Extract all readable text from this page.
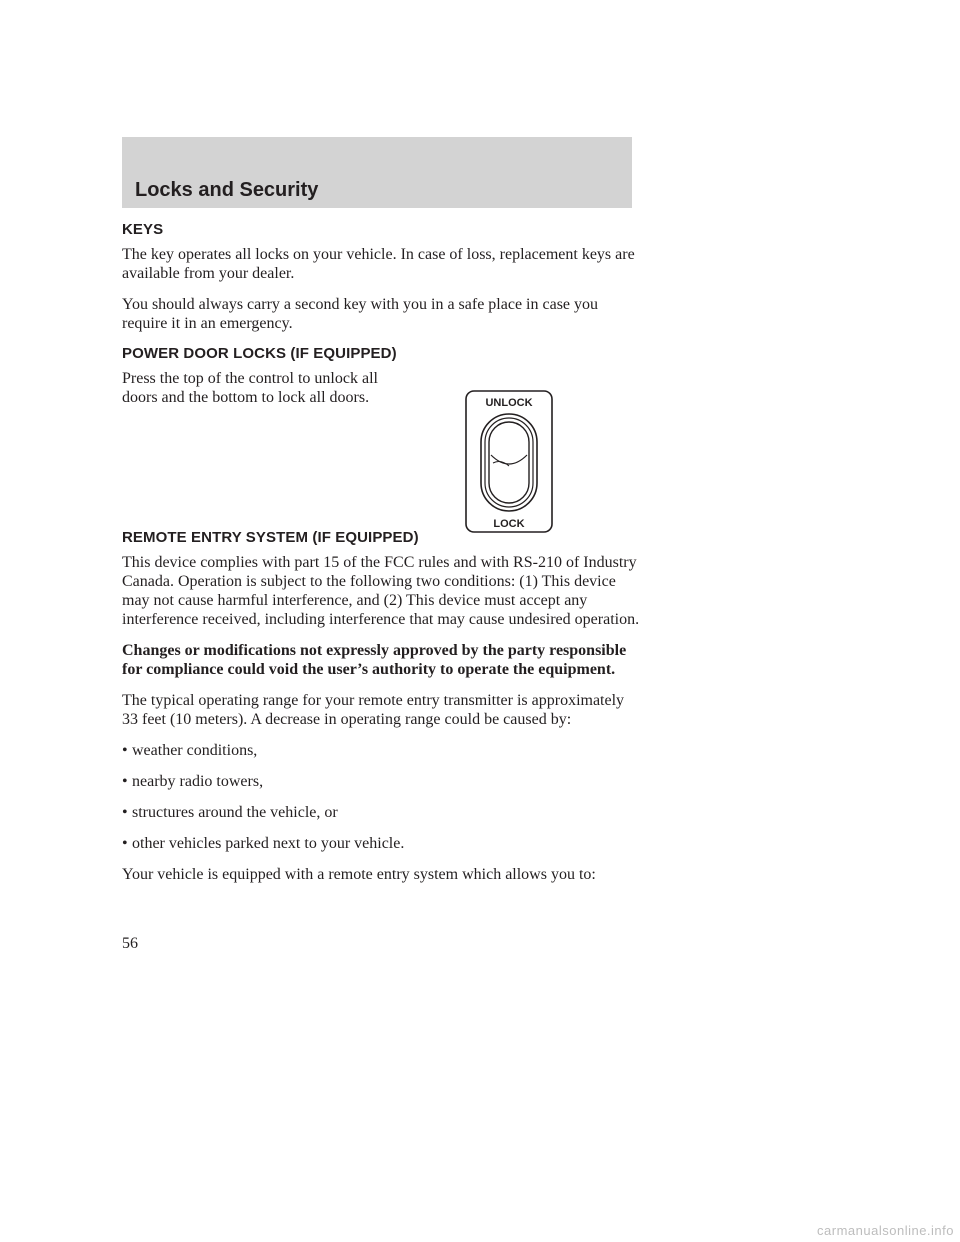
Locks and Security
KEYS
The key operates all locks on your vehicle. In case of loss, replacement keys are available from your dealer.
You should always carry a second key with you in a safe place in case you require it in an emergency.
POWER DOOR LOCKS (IF EQUIPPED)
Press the top of the control to unlock all doors and the bottom to lock all doors.	UNLOCK
LOCK
REMOTE ENTRY SYSTEM (IF EQUIPPED)
This device complies with part 15 of the FCC rules and with RS-210 of Industry Canada. Operation is subject to the following two conditions: (1) This device may not cause harmful interference, and (2) This device must accept any interference received, including interference that may cause undesired operation.
Changes or modifications not expressly approved by the party responsible for compliance could void the user’s authority to operate the equipment.
The typical operating range for your remote entry transmitter is approximately 33 feet (10 meters). A decrease in operating range could be caused by:
• weather conditions,
• nearby radio towers,
• structures around the vehicle, or
• other vehicles parked next to your vehicle.
Your vehicle is equipped with a remote entry system which allows you to:
56
carmanualsonline.info
